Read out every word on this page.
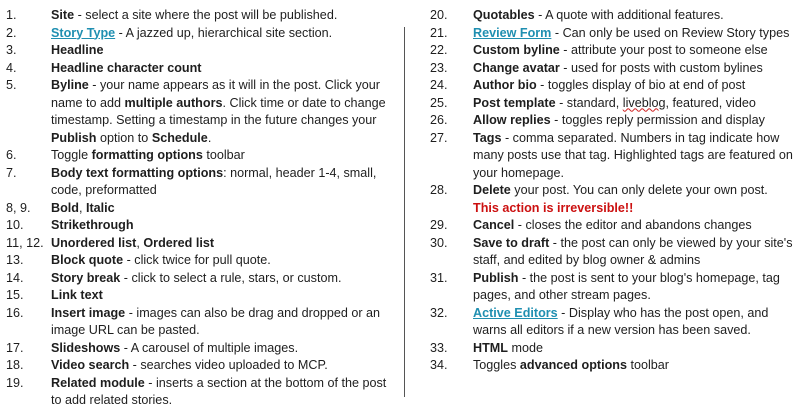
1.	Site - select a site where the post will be published.
2.	Story Type - A jazzed up, hierarchical site section.
3.	Headline
4.	Headline character count
5.	Byline - your name appears as it will in the post. Click your name to add multiple authors. Click time or date to change timestamp. Setting a timestamp in the future changes your Publish option to Schedule.
6.	Toggle formatting options toolbar
7.	Body text formatting options: normal, header 1-4, small, code, preformatted
8, 9. Bold, Italic
10. Strikethrough
11, 12. Unordered list, Ordered list
13. Block quote - click twice for pull quote.
14. Story break - click to select a rule, stars, or custom.
15. Link text
16. Insert image - images can also be drag and dropped or an image URL can be pasted.
17. Slideshows - A carousel of multiple images.
18. Video search - searches video uploaded to MCP.
19. Related module - inserts a section at the bottom of the post to add related stories.
20. Quotables - A quote with additional features.
21. Review Form - Can only be used on Review Story types
22. Custom byline - attribute your post to someone else
23. Change avatar - used for posts with custom bylines
24. Author bio - toggles display of bio at end of post
25. Post template - standard, liveblog, featured, video
26. Allow replies - toggles reply permission and display
27. Tags - comma separated. Numbers in tag indicate how many posts use that tag. Highlighted tags are featured on your homepage.
28. Delete your post. You can only delete your own post.
This action is irreversible!!
29. Cancel - closes the editor and abandons changes
30. Save to draft - the post can only be viewed by your site's staff, and edited by blog owner & admins
31. Publish - the post is sent to your blog's homepage, tag pages, and other stream pages.
32. Active Editors - Display who has the post open, and warns all editors if a new version has been saved.
33. HTML mode
34. Toggles advanced options toolbar
